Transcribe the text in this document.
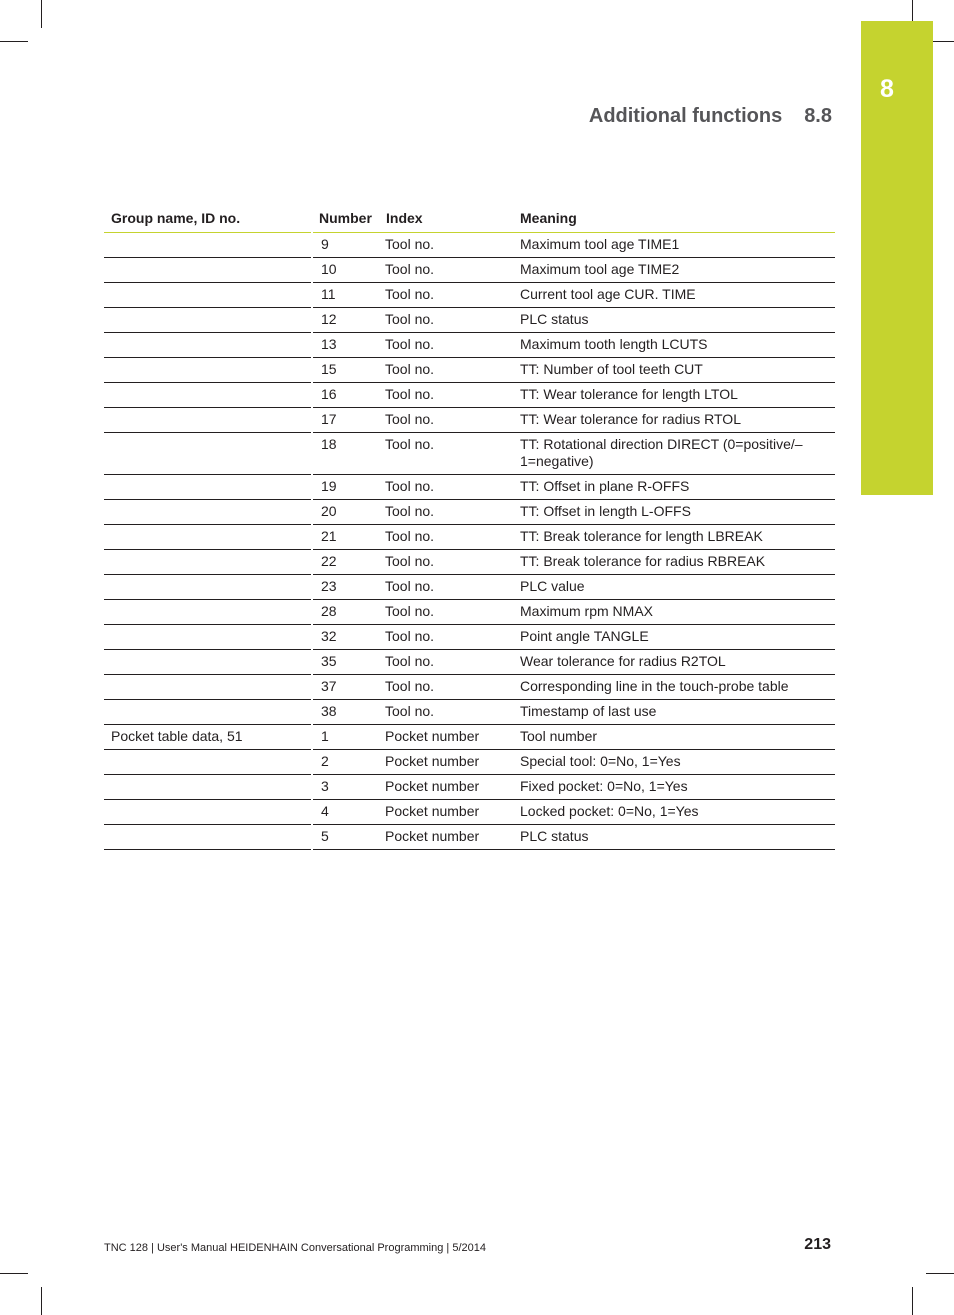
8
Additional functions 8.8
Group name, ID no.	Number	Index	Meaning
	9	Tool no.	Maximum tool age TIME1
	10	Tool no.	Maximum tool age TIME2
	11	Tool no.	Current tool age CUR. TIME
	12	Tool no.	PLC status
	13	Tool no.	Maximum tooth length LCUTS
	15	Tool no.	TT: Number of tool teeth CUT
	16	Tool no.	TT: Wear tolerance for length LTOL
	17	Tool no.	TT: Wear tolerance for radius RTOL
	18	Tool no.	TT: Rotational direction DIRECT (0=positive/–1=negative)
	19	Tool no.	TT: Offset in plane R-OFFS
	20	Tool no.	TT: Offset in length L-OFFS
	21	Tool no.	TT: Break tolerance for length LBREAK
	22	Tool no.	TT: Break tolerance for radius RBREAK
	23	Tool no.	PLC value
	28	Tool no.	Maximum rpm NMAX
	32	Tool no.	Point angle TANGLE
	35	Tool no.	Wear tolerance for radius R2TOL
	37	Tool no.	Corresponding line in the touch-probe table
	38	Tool no.	Timestamp of last use
Pocket table data, 51	1	Pocket number	Tool number
	2	Pocket number	Special tool: 0=No, 1=Yes
	3	Pocket number	Fixed pocket: 0=No, 1=Yes
	4	Pocket number	Locked pocket: 0=No, 1=Yes
	5	Pocket number	PLC status
TNC 128 | User's Manual HEIDENHAIN Conversational Programming | 5/2014	213
